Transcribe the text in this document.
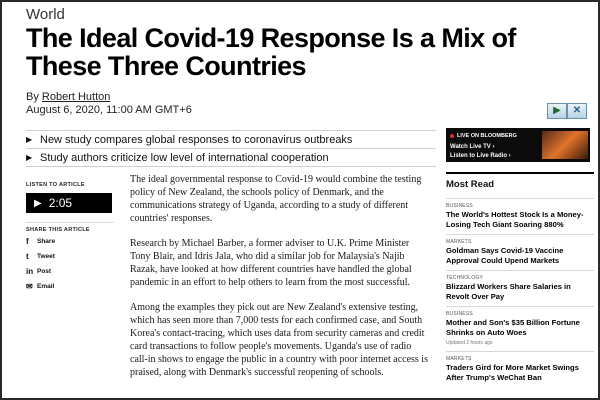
World
The Ideal Covid-19 Response Is a Mix of These Three Countries
By Robert Hutton
August 6, 2020, 11:00 AM GMT+6	▶	✕
▶ New study compares global responses to coronavirus outbreaks
▶ Study authors criticize low level of international cooperation
LISTEN TO ARTICLE
▶ 2:05
SHARE THIS ARTICLE
f	Share
t	Tweet
in Post
✉ Email

The ideal governmental response to Covid-19 would combine the testing policy of New Zealand, the schools policy of Denmark, and the communications strategy of Uganda, according to a study of different countries' responses.

Research by Michael Barber, a former adviser to U.K. Prime Minister Tony Blair, and Idris Jala, who did a similar job for Malaysia's Najib Razak, have looked at how different countries have handled the global pandemic in an effort to help others to learn from the most successful.

Among the examples they pick out are New Zealand's extensive testing, which has seen more than 7,000 tests for each confirmed case, and South Korea's contact-tracing, which uses data from security cameras and credit card transactions to follow people's movements. Uganda's use of radio call-in shows to engage the public in a country with poor internet access is praised, along with Denmark's successful reopening of schools.

LIVE ON BLOOMBERG
Watch Live TV ›
Listen to Live Radio ›
Most Read
BUSINESS
The World's Hottest Stock Is a Money-Losing Tech Giant Soaring 880%
MARKETS
Goldman Says Covid-19 Vaccine Approval Could Upend Markets
TECHNOLOGY
Blizzard Workers Share Salaries in Revolt Over Pay
BUSINESS
Mother and Son's $35 Billion Fortune Shrinks on Auto Woes
Updated 2 hours ago
MARKETS
Traders Gird for More Market Swings After Trump's WeChat Ban
